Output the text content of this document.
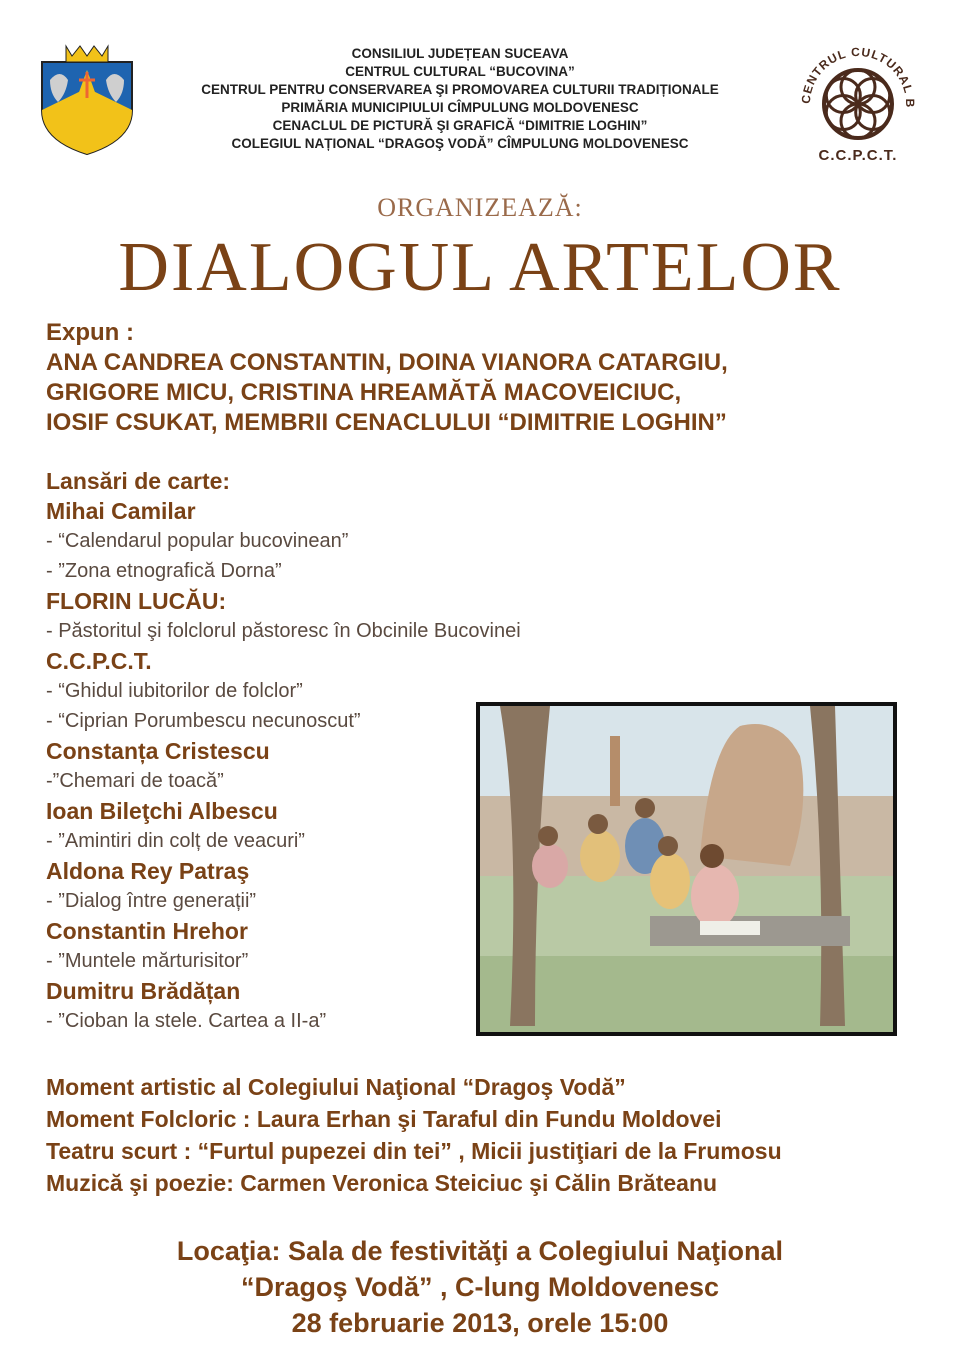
CONSILIUL JUDEȚEAN SUCEAVA
CENTRUL CULTURAL “BUCOVINA”
CENTRUL PENTRU CONSERVAREA ŞI PROMOVAREA CULTURII TRADIȚIONALE
PRIMĂRIA MUNICIPIULUI CÎMPULUNG MOLDOVENESC
CENACLUL DE PICTURĂ ŞI GRAFICĂ “DIMITRIE LOGHIN”
COLEGIUL NAȚIONAL “DRAGOŞ VODĂ” CÎMPULUNG MOLDOVENESC
CENTRUL CULTURAL B
C.C.P.C.T.
ORGANIZEAZĂ:
DIALOGUL ARTELOR
Expun :
ANA CANDREA CONSTANTIN, DOINA VIANORA CATARGIU,
GRIGORE MICU, CRISTINA HREAMĂTĂ MACOVEICIUC,
IOSIF CSUKAT, MEMBRII CENACLULUI “DIMITRIE LOGHIN”
Lansări de carte:
Mihai Camilar
- “Calendarul popular bucovinean”
- ”Zona etnografică Dorna”
FLORIN LUCĂU:
- Păstoritul şi folclorul păstoresc în Obcinile Bucovinei
C.C.P.C.T.
- “Ghidul iubitorilor de folclor”
- “Ciprian Porumbescu necunoscut”
Constanța Cristescu
-”Chemari de toacă”
Ioan Bileţchi Albescu
- ”Amintiri din colț de veacuri”
Aldona Rey Patraş
- ”Dialog între generații”
Constantin Hrehor
- ”Muntele mărturisitor”
Dumitru Brădățan
- ”Cioban la stele. Cartea a II-a”
Moment artistic al Colegiului Naţional “Dragoş Vodă”
Moment Folcloric : Laura Erhan şi Taraful din Fundu Moldovei
Teatru scurt : “Furtul pupezei din tei” , Micii justiţiari de la Frumosu
Muzică şi poezie: Carmen Veronica Steiciuc şi Călin Brăteanu
Locaţia: Sala de festivităţi a Colegiului Naţional
“Dragoş Vodă” , C-lung Moldovenesc
28 februarie 2013, orele 15:00
